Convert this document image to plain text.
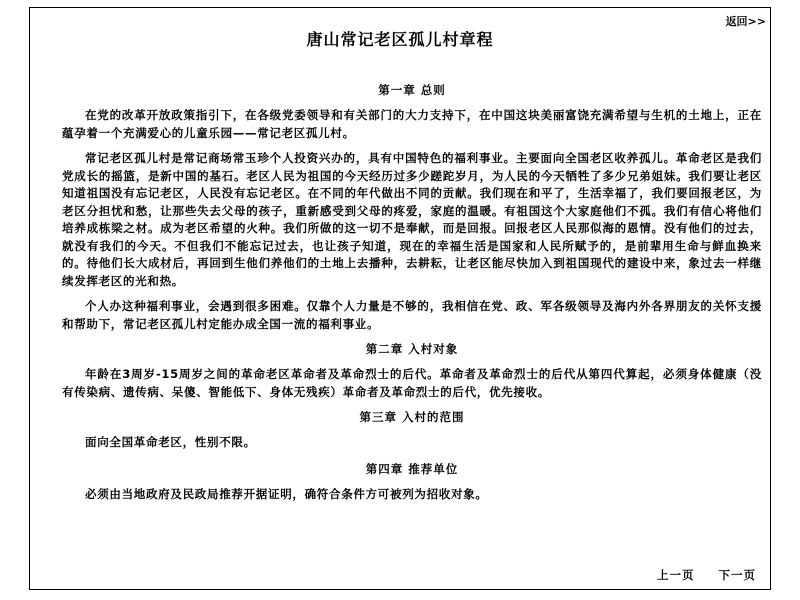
返回>>
唐山常记老区孤儿村章程
第一章 总则

在党的改革开放政策指引下，在各级党委领导和有关部门的大力支持下，在中国这块美丽富饶充满希望与生机的土地上，正在蕴孕着一个充满爱心的儿童乐园——常记老区孤儿村。

常记老区孤儿村是常记商场常玉珍个人投资兴办的，具有中国特色的福利事业。主要面向全国老区收养孤儿。革命老区是我们党成长的摇篮，是新中国的基石。老区人民为祖国的今天经历过多少蹉跎岁月，为人民的今天牺牲了多少兄弟姐妹。我们要让老区知道祖国没有忘记老区，人民没有忘记老区。在不同的年代做出不同的贡献。我们现在和平了，生活幸福了，我们要回报老区，为老区分担忧和愁，让那些失去父母的孩子，重新感受到父母的疼爱，家庭的温暖。有祖国这个大家庭他们不孤。我们有信心将他们培养成栋梁之材。成为老区希望的火种。我们所做的这一切不是奉献，而是回报。回报老区人民那似海的恩情。没有他们的过去，就没有我们的今天。不但我们不能忘记过去，也让孩子知道，现在的幸福生活是国家和人民所赋予的，是前辈用生命与鲜血换来的。待他们长大成材后，再回到生他们养他们的土地上去播种，去耕耘，让老区能尽快加入到祖国现代的建设中来，象过去一样继续发挥老区的光和热。

个人办这种福利事业，会遇到很多困难。仅靠个人力量是不够的，我相信在党、政、军各级领导及海内外各界朋友的关怀支援和帮助下，常记老区孤儿村定能办成全国一流的福利事业。

第二章 入村对象

年龄在3周岁-15周岁之间的革命老区革命者及革命烈士的后代。革命者及革命烈士的后代从第四代算起，必须身体健康（没有传染病、遗传病、呆傻、智能低下、身体无残疾）革命者及革命烈士的后代，优先接收。

第三章 入村的范围

面向全国革命老区，性别不限。

第四章 推荐单位

必须由当地政府及民政局推荐开据证明，确符合条件方可被列为招收对象。

上一页 下一页
